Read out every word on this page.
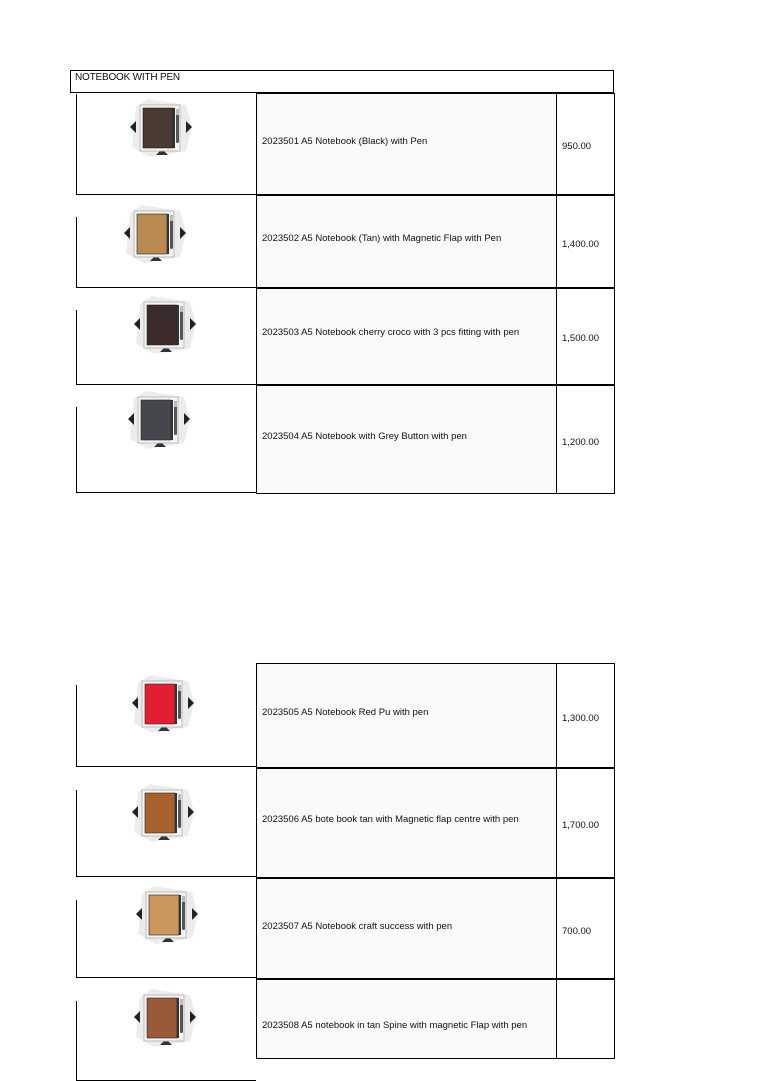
NOTEBOOK WITH PEN
2023501 A5 Notebook (Black) with Pen	950.00
2023502 A5 Notebook (Tan) with Magnetic Flap with Pen
1,400.00
2023503 A5 Notebook cherry croco with 3 pcs fitting with pen
1,500.00
2023504 A5 Notebook with Grey Button with pen
1,200.00
2023505 A5 Notebook Red Pu with pen
1,300.00
2023506 A5 bote book tan with Magnetic flap centre with pen
1,700.00
2023507 A5 Notebook craft success with pen	700.00
2023508 A5 notebook in tan Spine with magnetic Flap with pen
